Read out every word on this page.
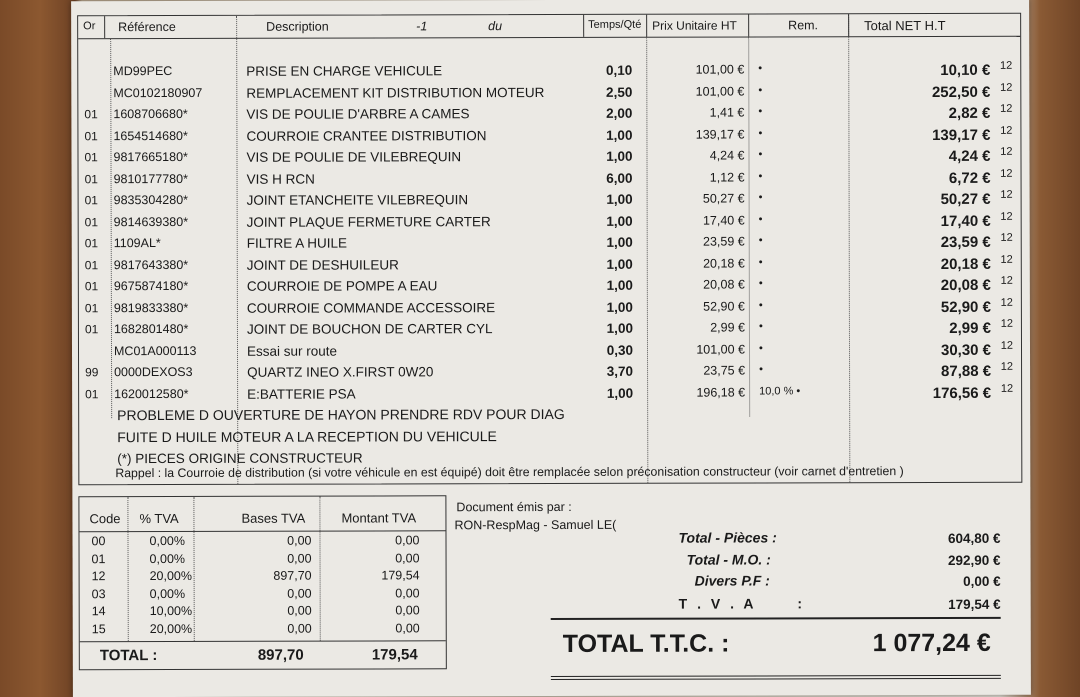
Or Référence	Description	-1	du	Temps/Qté Prix Unitaire HT	Rem.	Total NET H.T
MD99PEC	PRISE EN CHARGE VEHICULE	0,10	101,00 € •	10,10 € 12
MC0102180907	REMPLACEMENT KIT DISTRIBUTION MOTEUR	2,50	101,00 € •	252,50 € 12
01 1608706680*	VIS DE POULIE D'ARBRE A CAMES	2,00	1,41 € •	2,82 € 12
01 1654514680*	COURROIE CRANTEE DISTRIBUTION	1,00	139,17 € •	139,17 € 12
01 9817665180*	VIS DE POULIE DE VILEBREQUIN	1,00	4,24 € •	4,24 € 12
01 9810177780*	VIS H RCN	6,00	1,12 € •	6,72 € 12
01 9835304280*	JOINT ETANCHEITE VILEBREQUIN	1,00	50,27 € •	50,27 € 12
01 9814639380*	JOINT PLAQUE FERMETURE CARTER	1,00	17,40 € •	17,40 € 12
01 1109AL*	FILTRE A HUILE	1,00	23,59 € •	23,59 € 12
01 9817643380*	JOINT DE DESHUILEUR	1,00	20,18 € •	20,18 € 12
01 9675874180*	COURROIE DE POMPE A EAU	1,00	20,08 € •	20,08 € 12
01 9819833380*	COURROIE COMMANDE ACCESSOIRE	1,00	52,90 € •	52,90 € 12
01 1682801480*	JOINT DE BOUCHON DE CARTER CYL	1,00	2,99 € •	2,99 € 12
MC01A000113	Essai sur route	0,30	101,00 € •	30,30 € 12
99 0000DEXOS3	QUARTZ INEO X.FIRST 0W20	3,70	23,75 € •	87,88 € 12
01 1620012580*	E:BATTERIE PSA	1,00	196,18 € 10,0 % •	176,56 € 12
PROBLEME D OUVERTURE DE HAYON PRENDRE RDV POUR DIAG
FUITE D HUILE MOTEUR A LA RECEPTION DU VEHICULE
(*) PIECES ORIGINE CONSTRUCTEUR
Rappel : la Courroie de distribution (si votre véhicule en est équipé) doit être remplacée selon préconisation constructeur (voir carnet d'entretien )
Code % TVA	Bases TVA	Montant TVA
00	0,00%	0,00	0,00
01	0,00%	0,00	0,00
12	20,00%	897,70	179,54
03	0,00%	0,00	0,00
14	10,00%	0,00	0,00
15	20,00%	0,00	0,00
TOTAL :	897,70	179,54
Document émis par :
RON-RespMag - Samuel LE(
Total - Pièces :	604,80 €
Total - M.O. :	292,90 €
Divers P.F :	0,00 €
T . V . A      :	179,54 €
TOTAL T.T.C. :	1 077,24 €
